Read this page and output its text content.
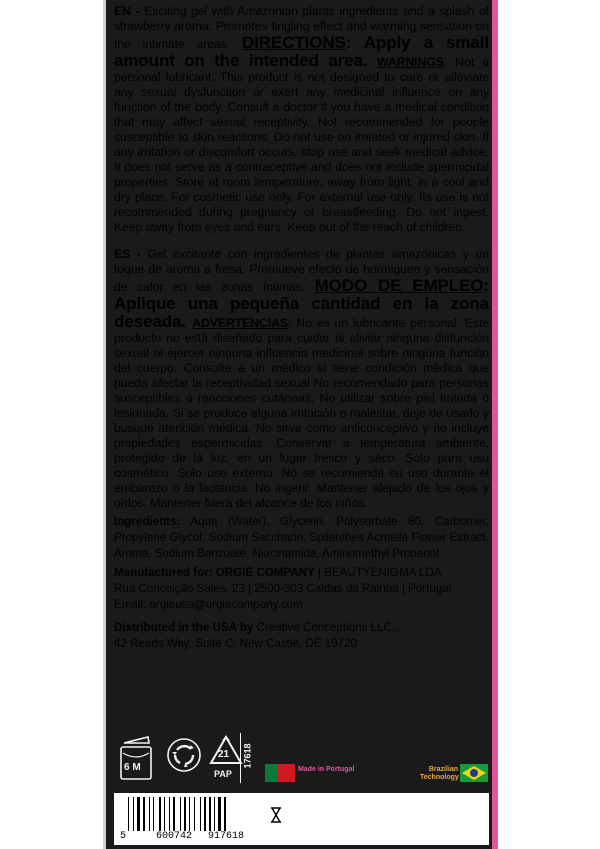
EN - Exciting gel with Amazonian plants ingredients and a splash of strawberry aroma. Promotes tingling effect and warming sensation on the intimate areas. DIRECTIONS: Apply a small amount on the intended area. WARNINGS: Not a personal lubricant. This product is not designed to care or alleviate any sexual dysfunction or exert any medicinal influence on any function of the body. Consult a doctor if you have a medical condition that may affect sexual receptivity. Not recommended for people susceptible to skin reactions. Do not use on irritated or injured skin. If any irritation or discomfort occurs, stop use and seek medical advice. It does not serve as a contraceptive and does not include spermicidal properties. Store at room temperature, away from light, in a cool and dry place. For cosmetic use only. For external use only. Its use is not recommended during pregnancy or breastfeeding. Do not ingest. Keep away from eyes and ears. Keep out of the reach of children.
ES - Gel excitante con ingredientes de plantas amazónicas y un toque de aroma a fresa. Promueve efecto de hormigueo y sensación de calor en las zonas íntimas. MODO DE EMPLEO: Aplique una pequeña cantidad en la zona deseada. ADVERTENCIAS: No es un lubricante personal. Este producto no está diseñado para cuidar ni aliviar ninguna disfunción sexual ni ejercer ninguna influencia medicinal sobre ningúna función del cuerpo. Consulte a un médico si tiene condición médica que pueda afectar la receptividad sexual No recomendado para personas susceptibles a reacciones cutáneas. No utilizar sobre piel irritada o lesionada. Si se produce alguna imtación o malestar, deje de usarlo y busque atención médica. No sirve como anticonceptivo y no incluye propiedades espermicidas. Conservar a temperatura ambiente, protegido de la luz, en un lugar fresco y seco. Solo para uso cosmético. Solo uso externo. No se recomienda su uso durante el embarazo o la lactancia. No ingerir. Mantener alejado de los ojos y oídos. Mantener fuera del alcance de los niños.
Ingredients: Aqua (Water), Glycerin, Polysorbate 80, Carbomer, Propylene Glycol, Sodium Saccharin, Spilanthes Acmella Flower Extract, Aroma, Sodium Benzoate, Niacinamide, Aminomethyl Propanol
Manufactured for: ORGIE COMPANY | BEAUTYENIGMA LDA
Rua Conceição Sales, 23 | 2500-303 Caldas da Rainha | Portugal
Email: orgieusa@orgiecompany.com
Distributed in the USA by Creative Conceptions LLC.,
42 Reads Way, Suite C, New Castle, DE 19720
6 M
21
PAP
17618
Made in Portugal	Brazilian Technology
5	600742 917618
